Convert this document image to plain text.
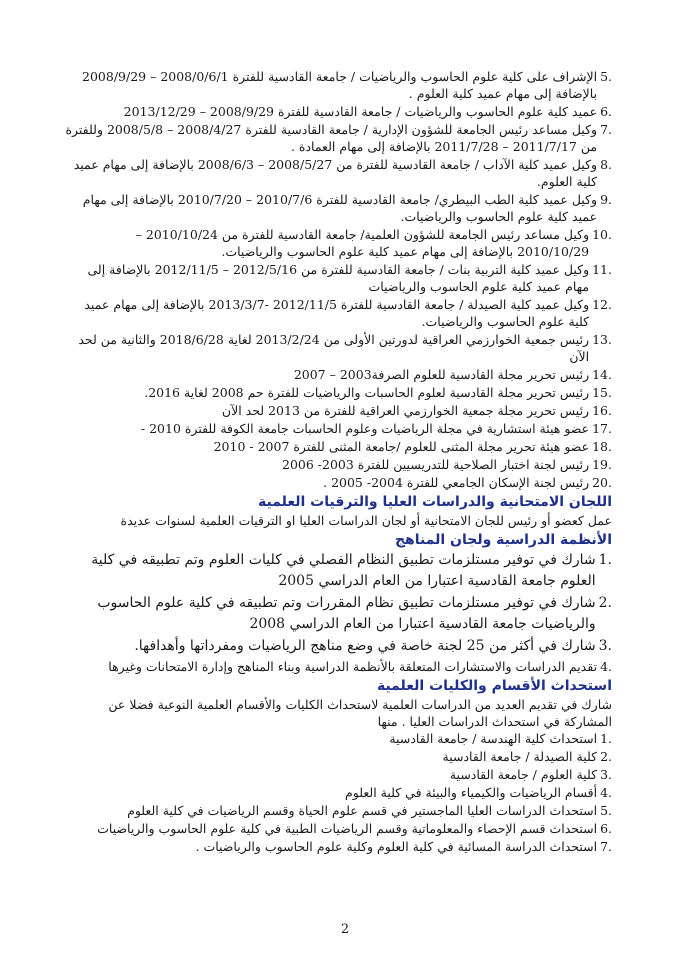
5.
الإشراف على كلية علوم الحاسوب والرياضيات / جامعة القادسية للفترة 2008/0/6/1 – 2008/9/29 بالإضافة إلى مهام عميد كلية العلوم .
6.
عميد كلية علوم الحاسوب والرياضيات / جامعة القادسية للفترة 2008/9/29 – 2013/12/29
7.
وكيل مساعد رئيس الجامعة للشؤون الإدارية / جامعة القادسية للفترة 2008/4/27 – 2008/5/8 وللفترة من 2011/7/17 – 2011/7/28 بالإضافة إلى مهام العمادة .
8.
وكيل عميد كلية الآداب / جامعة القادسية للفترة من 2008/5/27 – 2008/6/3 بالإضافة إلى مهام عميد كلية العلوم.
9.
وكيل عميد كلية الطب البيطري/ جامعة القادسية للفترة 2010/7/6 – 2010/7/20 بالإضافة إلى مهام عميد كلية علوم الحاسوب والرياضيات.
10.
وكيل مساعد رئيس الجامعة للشؤون العلمية/ جامعة القادسية للفترة من 2010/10/24 – 2010/10/29 بالإضافة إلى مهام عميد كلية علوم الحاسوب والرياضيات.
11.
وكيل عميد كلية التربية بنات / جامعة القادسية للفترة من 2012/5/16 – 2012/11/5 بالإضافة إلى مهام عميد كلية علوم الحاسوب والرياضيات
12.
وكيل عميد كلية الصيدلة / جامعة القادسية للفترة 2012/11/5 -2013/3/7 بالإضافة إلى مهام عميد كلية علوم الحاسوب والرياضيات.
13.
رئيس جمعية الخوارزمي العراقية لدورتين الأولى من 2013/2/24 لغاية 2018/6/28 والثانية من لحد الآن
14.
رئيس تحرير مجلة القادسية للعلوم الصرفة2003 – 2007
15.
رئيس تحرير مجلة القادسية لعلوم الحاسبات والرياضيات للفترة حم 2008 لغاية 2016.
16.
رئيس تحرير مجلة جمعية الخوارزمي العراقية للفترة من 2013 لحد الآن
17.
عضو هيئة استشارية في مجلة الرياضيات وعلوم الحاسبات جامعة الكوفة للفترة 2010 -
18.
عضو هيئة تحرير مجلة المثنى للعلوم /جامعة المثنى للفترة 2007 - 2010
19.
رئيس لجنة اختبار الصلاحية للتدريسيين للفترة 2003- 2006
20.
رئيس لجنة الإسكان الجامعي للفترة 2004- 2005 .
اللجان الامتحانية والدراسات العليا والترقيات العلمية

عمل كعضو أو رئيس للجان الامتحانية أو لجان الدراسات العليا او الترقيات العلمية لسنوات عديدة

الأنظمة الدراسية ولجان المناهج
1.
شارك في توفير مستلزمات تطبيق النظام الفصلي في كليات العلوم وتم تطبيقه في كلية العلوم جامعة القادسية اعتبارا من العام الدراسي 2005
2.
شارك في توفير مستلزمات تطبيق نظام المقررات وتم تطبيقه في كلية علوم الحاسوب والرياضيات جامعة القادسية اعتبارا من العام الدراسي 2008
3.
شارك في أكثر من 25 لجنة خاصة في وضع مناهج الرياضيات ومفرداتها وأهدافها.
4.
تقديم الدراسات والاستشارات المتعلقة بالأنظمة الدراسية وبناء المناهج وإدارة الامتحانات وغيرها
استحداث الأقسام والكليات العلمية

شارك في تقديم العديد من الدراسات العلمية لاستحداث الكليات والأقسام العلمية النوعية فضلا عن المشاركة في استحداث الدراسات العليا . منها

1.
استحداث كلية الهندسة / جامعة القادسية
2.
كلية الصيدلة / جامعة القادسية
3.
كلية العلوم / جامعة القادسية
4.
أقسام الرياضيات والكيمياء والبيئة في كلية العلوم
5.
استحداث الدراسات العليا الماجستير في قسم علوم الحياة وقسم الرياضيات في كلية العلوم
6.
استحداث قسم الإحصاء والمعلوماتية وقسم الرياضيات الطبية في كلية علوم الحاسوب والرياضيات
7.
استحداث الدراسة المسائية في كلية العلوم وكلية علوم الحاسوب والرياضيات .
2
